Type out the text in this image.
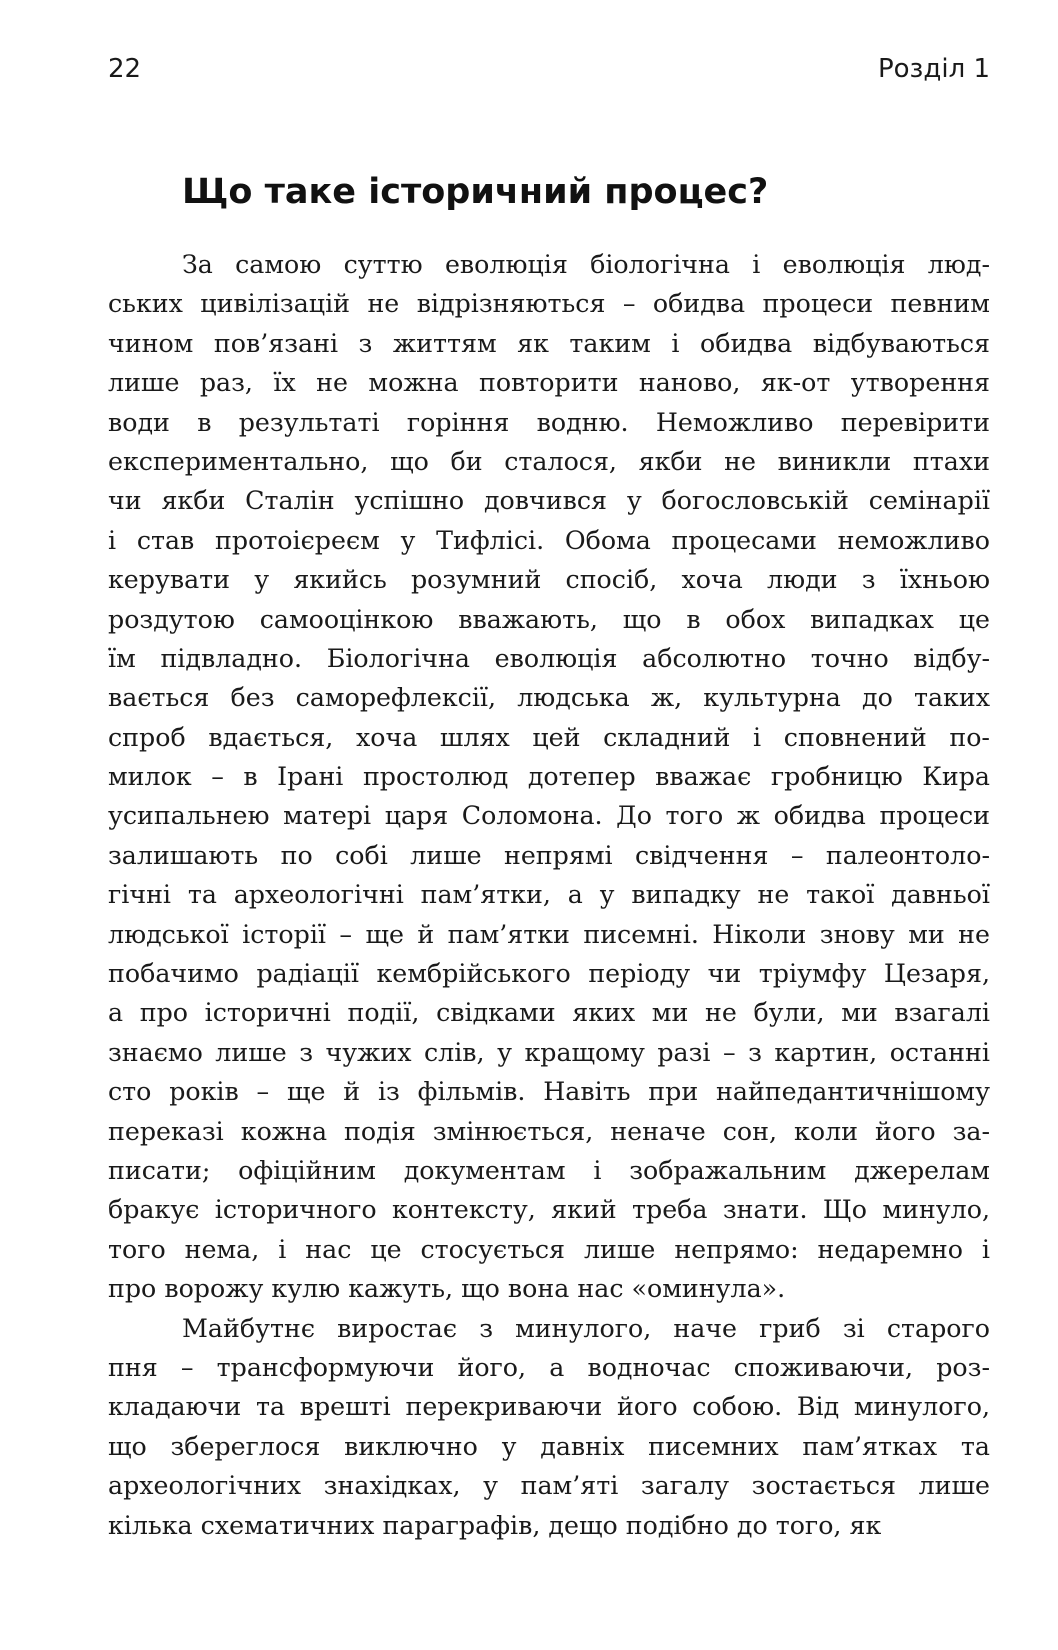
22	Розділ 1
Що таке історичний процес?

За самою суттю еволюція біологічна і еволюція люд-
ських цивілізацій не відрізняються – обидва процеси певним
чином пов’язані з життям як таким і обидва відбуваються
лише раз, їх не можна повторити наново, як-от утворення
води в результаті горіння водню. Неможливо перевірити
експериментально, що би сталося, якби не виникли птахи
чи якби Сталін успішно довчився у богословській семінарії
і став протоієреєм у Тифлісі. Обома процесами неможливо
керувати у якийсь розумний спосіб, хоча люди з їхньою
роздутою самооцінкою вважають, що в обох випадках це
їм підвладно. Біологічна еволюція абсолютно точно відбу-
вається без саморефлексії, людська ж, культурна до таких
спроб вдається, хоча шлях цей складний і сповнений по-
милок – в Ірані простолюд дотепер вважає гробницю Кира
усипальнею матері царя Соломона. До того ж обидва процеси
залишають по собі лише непрямі свідчення – палеонтоло-
гічні та археологічні пам’ятки, а у випадку не такої давньої
людської історії – ще й пам’ятки писемні. Ніколи знову ми не
побачимо радіації кембрійського періоду чи тріумфу Цезаря,
а про історичні події, свідками яких ми не були, ми взагалі
знаємо лише з чужих слів, у кращому разі – з картин, останні
сто років – ще й із фільмів. Навіть при найпедантичнішому
переказі кожна подія змінюється, неначе сон, коли його за-
писати; офіційним документам і зображальним джерелам
бракує історичного контексту, який треба знати. Що минуло,
того нема, і нас це стосується лише непрямо: недаремно і
про ворожу кулю кажуть, що вона нас «оминула».

Майбутнє виростає з минулого, наче гриб зі старого
пня – трансформуючи його, а водночас споживаючи, роз-
кладаючи та врешті перекриваючи його собою. Від минулого,
що збереглося виключно у давніх писемних пам’ятках та
археологічних знахідках, у пам’яті загалу зостається лише
кілька схематичних параграфів, дещо подібно до того, як
